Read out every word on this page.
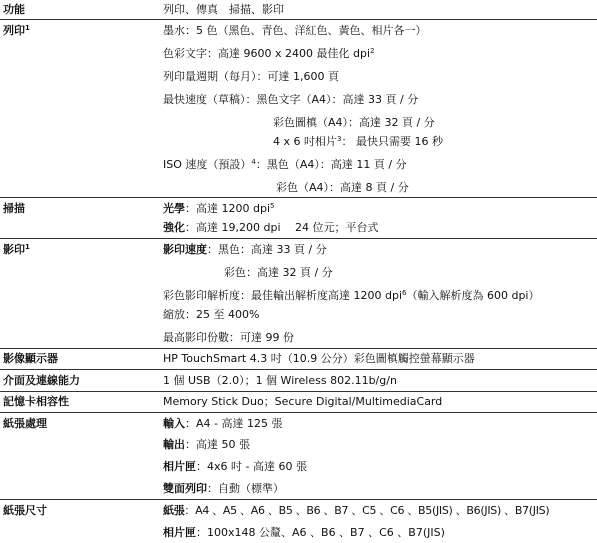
功能	列印、傳真　掃描、影印
列印$^1$	墨水：5 色（黑色、青色、洋紅色、黃色、相片各一）
色彩文字：高達 9600 x 2400 最佳化 dpi$^2$
列印量週期（每月）：可達 1,600 頁
最快速度（草稿）：黑色文字（A4）：高達 33 頁 / 分
彩色圖槙（A4）：高達 32 頁 / 分
4 x 6 吋相片$^3$： 最快只需要 16 秒
ISO 速度（預設）$^4$：黑色（A4）：高達 11 頁 / 分
彩色（A4）：高達 8 頁 / 分
掃描	光學：高達 1200 dpi$^5$
強化：高達 19,200 dpi　 24 位元；平台式
影印$^1$	影印速度：黑色：高達 33 頁 / 分
彩色：高達 32 頁 / 分
彩色影印解析度：最佳輸出解析度高達 1200 dpi$^6$（輸入解析度為 600 dpi）
縮放：25 至 400%
最高影印份數：可達 99 份
影像顯示器	HP TouchSmart 4.3 吋（10.9 公分）彩色圖槙觸控螢幕顯示器
介面及連線能力	1 個 USB（2.0）；1 個 Wireless 802.11b/g/n
記憶卡相容性	Memory Stick Duo；Secure Digital/MultimediaCard
紙張處理	輸入：A4 - 高達 125 張
輸出：高達 50 張
相片匣：4x6 吋 - 高達 60 張
雙面列印：自動（標準）
紙張尺寸	紙張：A4 、A5 、A6 、B5 、B6 、B7 、C5 、C6 、B5(JIS) 、B6(JIS) 、B7(JIS)
相片匣：100x148 公釐、A6 、B6 、B7 、C6 、B7(JIS)
